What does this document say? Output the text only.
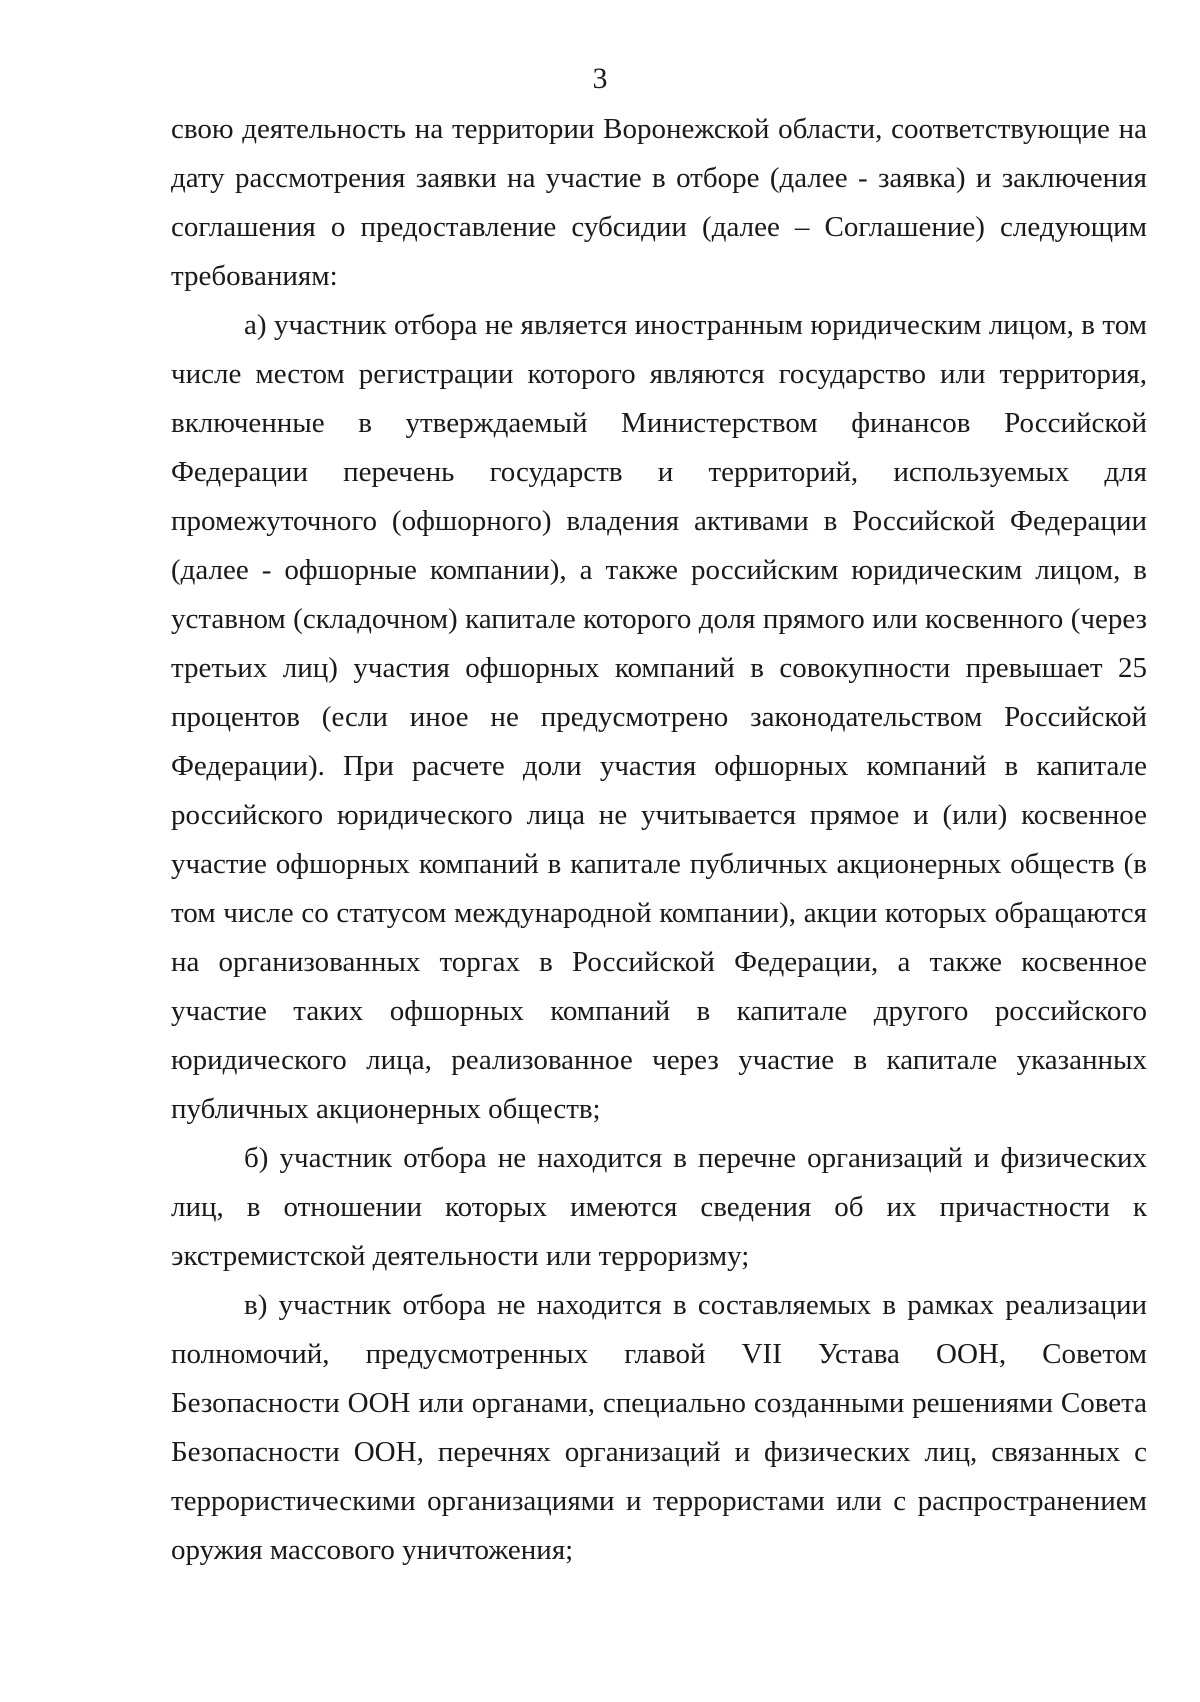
3

свою деятельность на территории Воронежской области, соответствующие на дату рассмотрения заявки на участие в отборе (далее - заявка) и заключения соглашения о предоставление субсидии (далее – Соглашение) следующим требованиям:

а) участник отбора не является иностранным юридическим лицом, в том числе местом регистрации которого являются государство или территория, включенные в утверждаемый Министерством финансов Российской Федерации перечень государств и территорий, используемых для промежуточного (офшорного) владения активами в Российской Федерации (далее - офшорные компании), а также российским юридическим лицом, в уставном (складочном) капитале которого доля прямого или косвенного (через третьих лиц) участия офшорных компаний в совокупности превышает 25 процентов (если иное не предусмотрено законодательством Российской Федерации). При расчете доли участия офшорных компаний в капитале российского юридического лица не учитывается прямое и (или) косвенное участие офшорных компаний в капитале публичных акционерных обществ (в том числе со статусом международной компании), акции которых обращаются на организованных торгах в Российской Федерации, а также косвенное участие таких офшорных компаний в капитале другого российского юридического лица, реализованное через участие в капитале указанных публичных акционерных обществ;

б) участник отбора не находится в перечне организаций и физических лиц, в отношении которых имеются сведения об их причастности к экстремистской деятельности или терроризму;

в) участник отбора не находится в составляемых в рамках реализации полномочий, предусмотренных главой VII Устава ООН, Советом Безопасности ООН или органами, специально созданными решениями Совета Безопасности ООН, перечнях организаций и физических лиц, связанных с террористическими организациями и террористами или с распространением оружия массового уничтожения;
